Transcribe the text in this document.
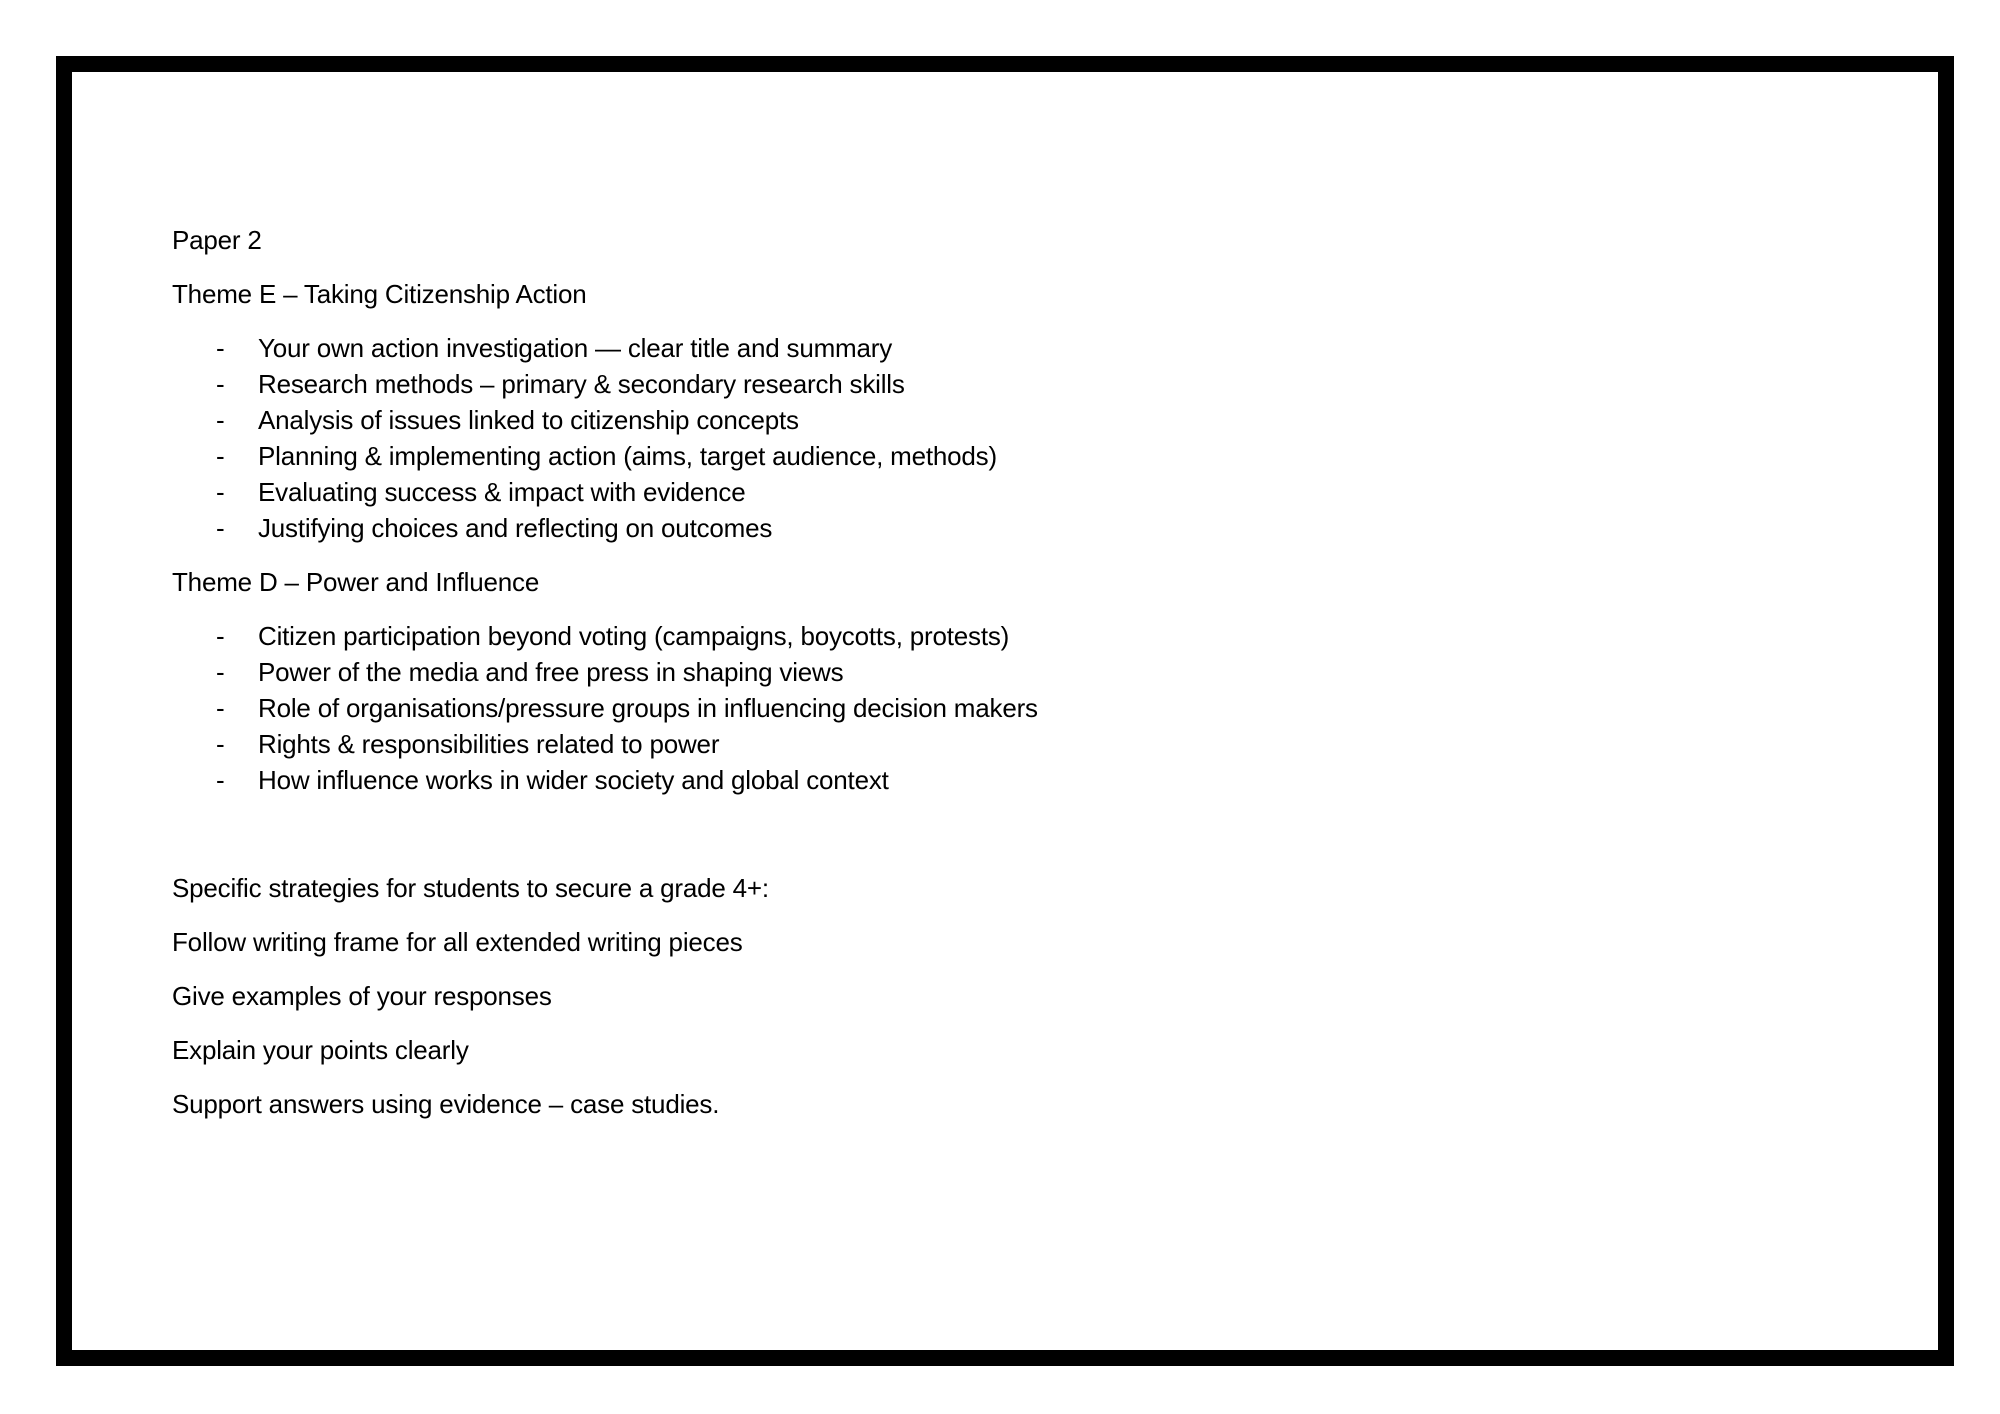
Paper 2

Theme E – Taking Citizenship Action

- Your own action investigation — clear title and summary
- Research methods – primary & secondary research skills
- Analysis of issues linked to citizenship concepts
- Planning & implementing action (aims, target audience, methods)
- Evaluating success & impact with evidence
- Justifying choices and reflecting on outcomes

Theme D – Power and Influence

- Citizen participation beyond voting (campaigns, boycotts, protests)
- Power of the media and free press in shaping views
- Role of organisations/pressure groups in influencing decision makers
- Rights & responsibilities related to power
- How influence works in wider society and global context

Specific strategies for students to secure a grade 4+:

Follow writing frame for all extended writing pieces

Give examples of your responses

Explain your points clearly

Support answers using evidence – case studies.
